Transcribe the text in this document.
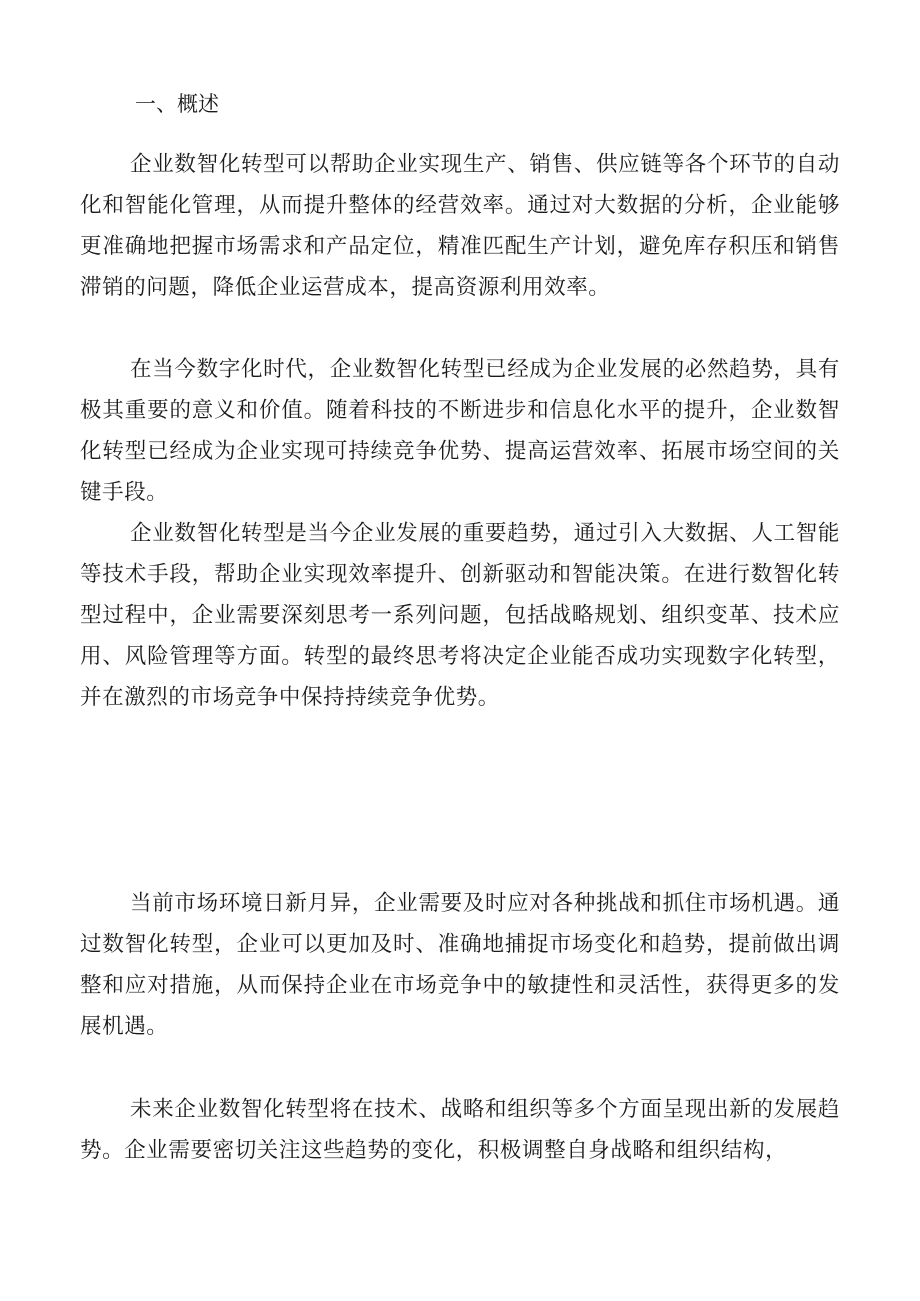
一、概述

企业数智化转型可以帮助企业实现生产、销售、供应链等各个环节的自动化和智能化管理，从而提升整体的经营效率。通过对大数据的分析，企业能够更准确地把握市场需求和产品定位，精准匹配生产计划，避免库存积压和销售滞销的问题，降低企业运营成本，提高资源利用效率。

在当今数字化时代，企业数智化转型已经成为企业发展的必然趋势，具有极其重要的意义和价值。随着科技的不断进步和信息化水平的提升，企业数智化转型已经成为企业实现可持续竞争优势、提高运营效率、拓展市场空间的关键手段。

企业数智化转型是当今企业发展的重要趋势，通过引入大数据、人工智能等技术手段，帮助企业实现效率提升、创新驱动和智能决策。在进行数智化转型过程中，企业需要深刻思考一系列问题，包括战略规划、组织变革、技术应用、风险管理等方面。转型的最终思考将决定企业能否成功实现数字化转型，并在激烈的市场竞争中保持持续竞争优势。

当前市场环境日新月异，企业需要及时应对各种挑战和抓住市场机遇。通过数智化转型，企业可以更加及时、准确地捕捉市场变化和趋势，提前做出调整和应对措施，从而保持企业在市场竞争中的敏捷性和灵活性，获得更多的发展机遇。

未来企业数智化转型将在技术、战略和组织等多个方面呈现出新的发展趋势。企业需要密切关注这些趋势的变化，积极调整自身战略和组织结构，
